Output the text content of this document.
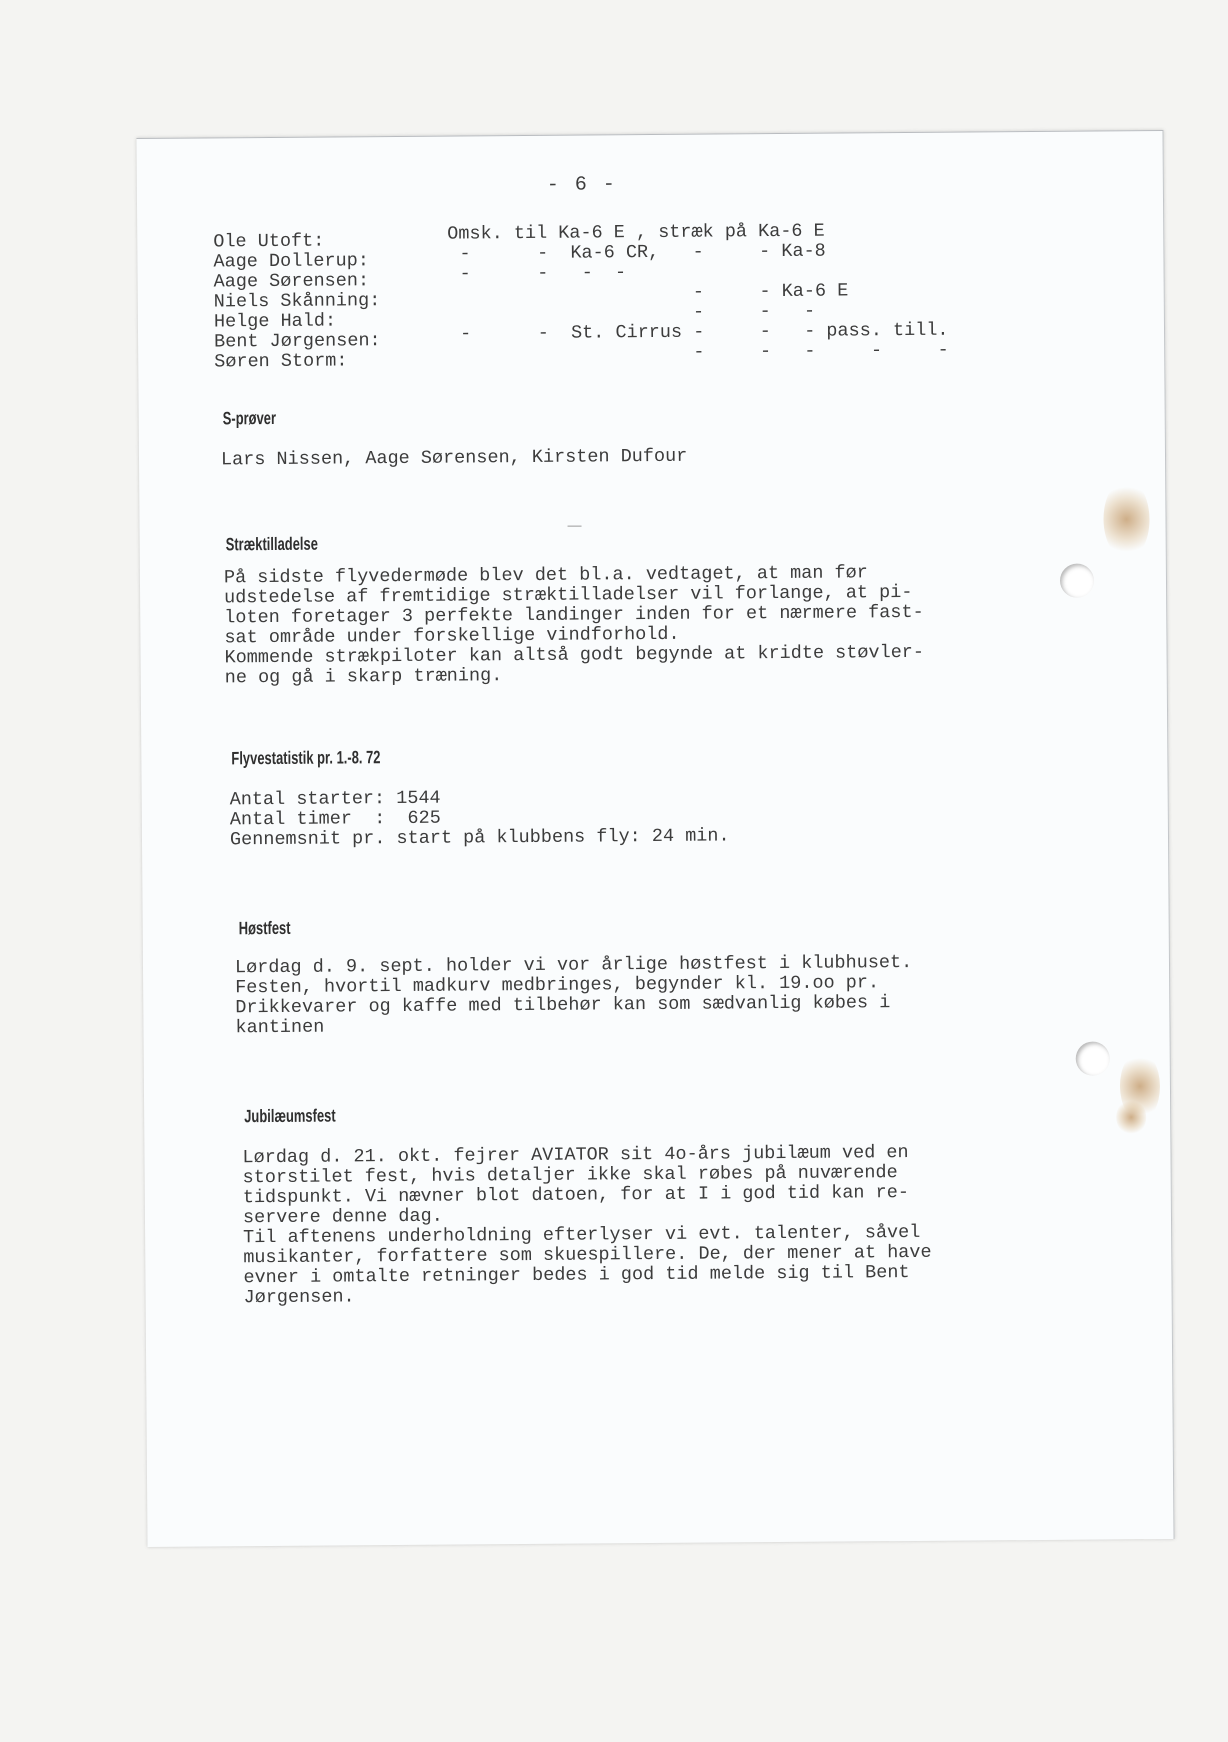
- 6 -
Ole Utoft:	Omsk. til Ka-6 E , stræk på Ka-6 E
Aage Dollerup:	-      -  Ka-6 CR,   -     - Ka-8
Aage Sørensen:	-      -   -  -
Niels Skånning:	-     - Ka-6 E
Helge Hald:	-     -   -
Bent Jørgensen:	-      -  St. Cirrus -     -   - pass. till.
Søren Storm:	-     -   -     -     -
S-prøver
Lars Nissen, Aage Sørensen, Kirsten Dufour
Stræktilladelse
På sidste flyvedermøde blev det bl.a. vedtaget, at man før
udstedelse af fremtidige stræktilladelser vil forlange, at pi-
loten foretager 3 perfekte landinger inden for et nærmere fast-
sat område under forskellige vindforhold.
Kommende strækpiloter kan altså godt begynde at kridte støvler-
ne og gå i skarp træning.
Flyvestatistik pr. 1.-8. 72
Antal starter: 1544
Antal timer  :  625
Gennemsnit pr. start på klubbens fly: 24 min.
Høstfest
Lørdag d. 9. sept. holder vi vor årlige høstfest i klubhuset.
Festen, hvortil madkurv medbringes, begynder kl. 19.oo pr.
Drikkevarer og kaffe med tilbehør kan som sædvanlig købes i
kantinen
Jubilæumsfest
Lørdag d. 21. okt. fejrer AVIATOR sit 4o-års jubilæum ved en
storstilet fest, hvis detaljer ikke skal røbes på nuværende
tidspunkt. Vi nævner blot datoen, for at I i god tid kan re-
servere denne dag.
Til aftenens underholdning efterlyser vi evt. talenter, såvel
musikanter, forfattere som skuespillere. De, der mener at have
evner i omtalte retninger bedes i god tid melde sig til Bent
Jørgensen.
